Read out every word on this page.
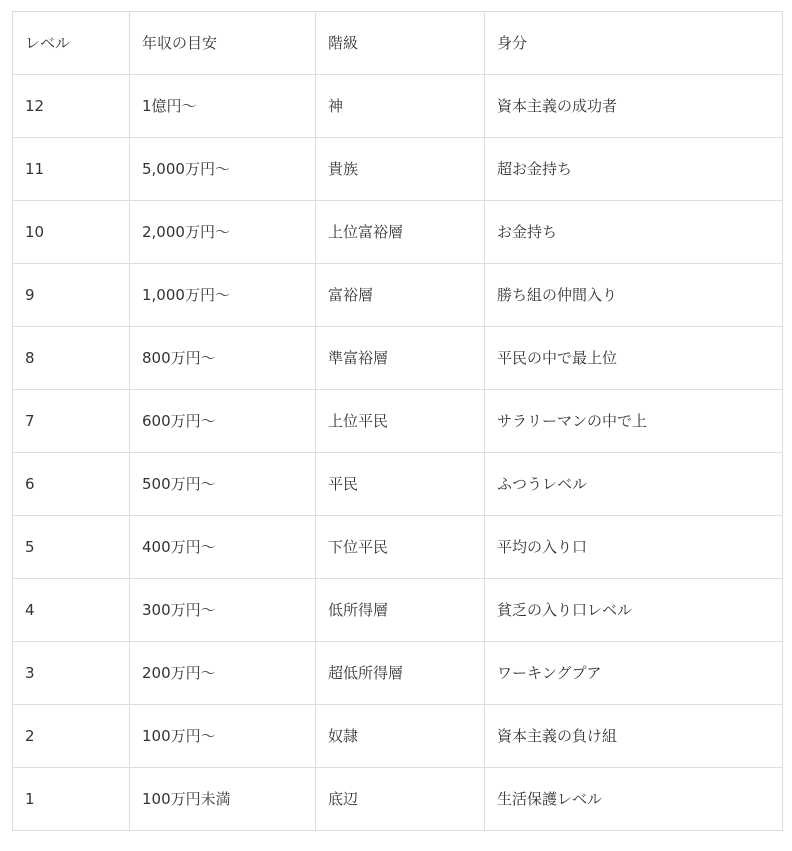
レベル	年収の目安	階級	身分
12	1億円～	神	資本主義の成功者
11	5,000万円～	貴族	超お金持ち
10	2,000万円～	上位富裕層	お金持ち
9	1,000万円～	富裕層	勝ち組の仲間入り
8	800万円～	準富裕層	平民の中で最上位
7	600万円～	上位平民	サラリーマンの中で上
6	500万円～	平民	ふつうレベル
5	400万円～	下位平民	平均の入り口
4	300万円～	低所得層	貧乏の入り口レベル
3	200万円～	超低所得層	ワーキングプア
2	100万円～	奴隷	資本主義の負け組
1	100万円未満	底辺	生活保護レベル
